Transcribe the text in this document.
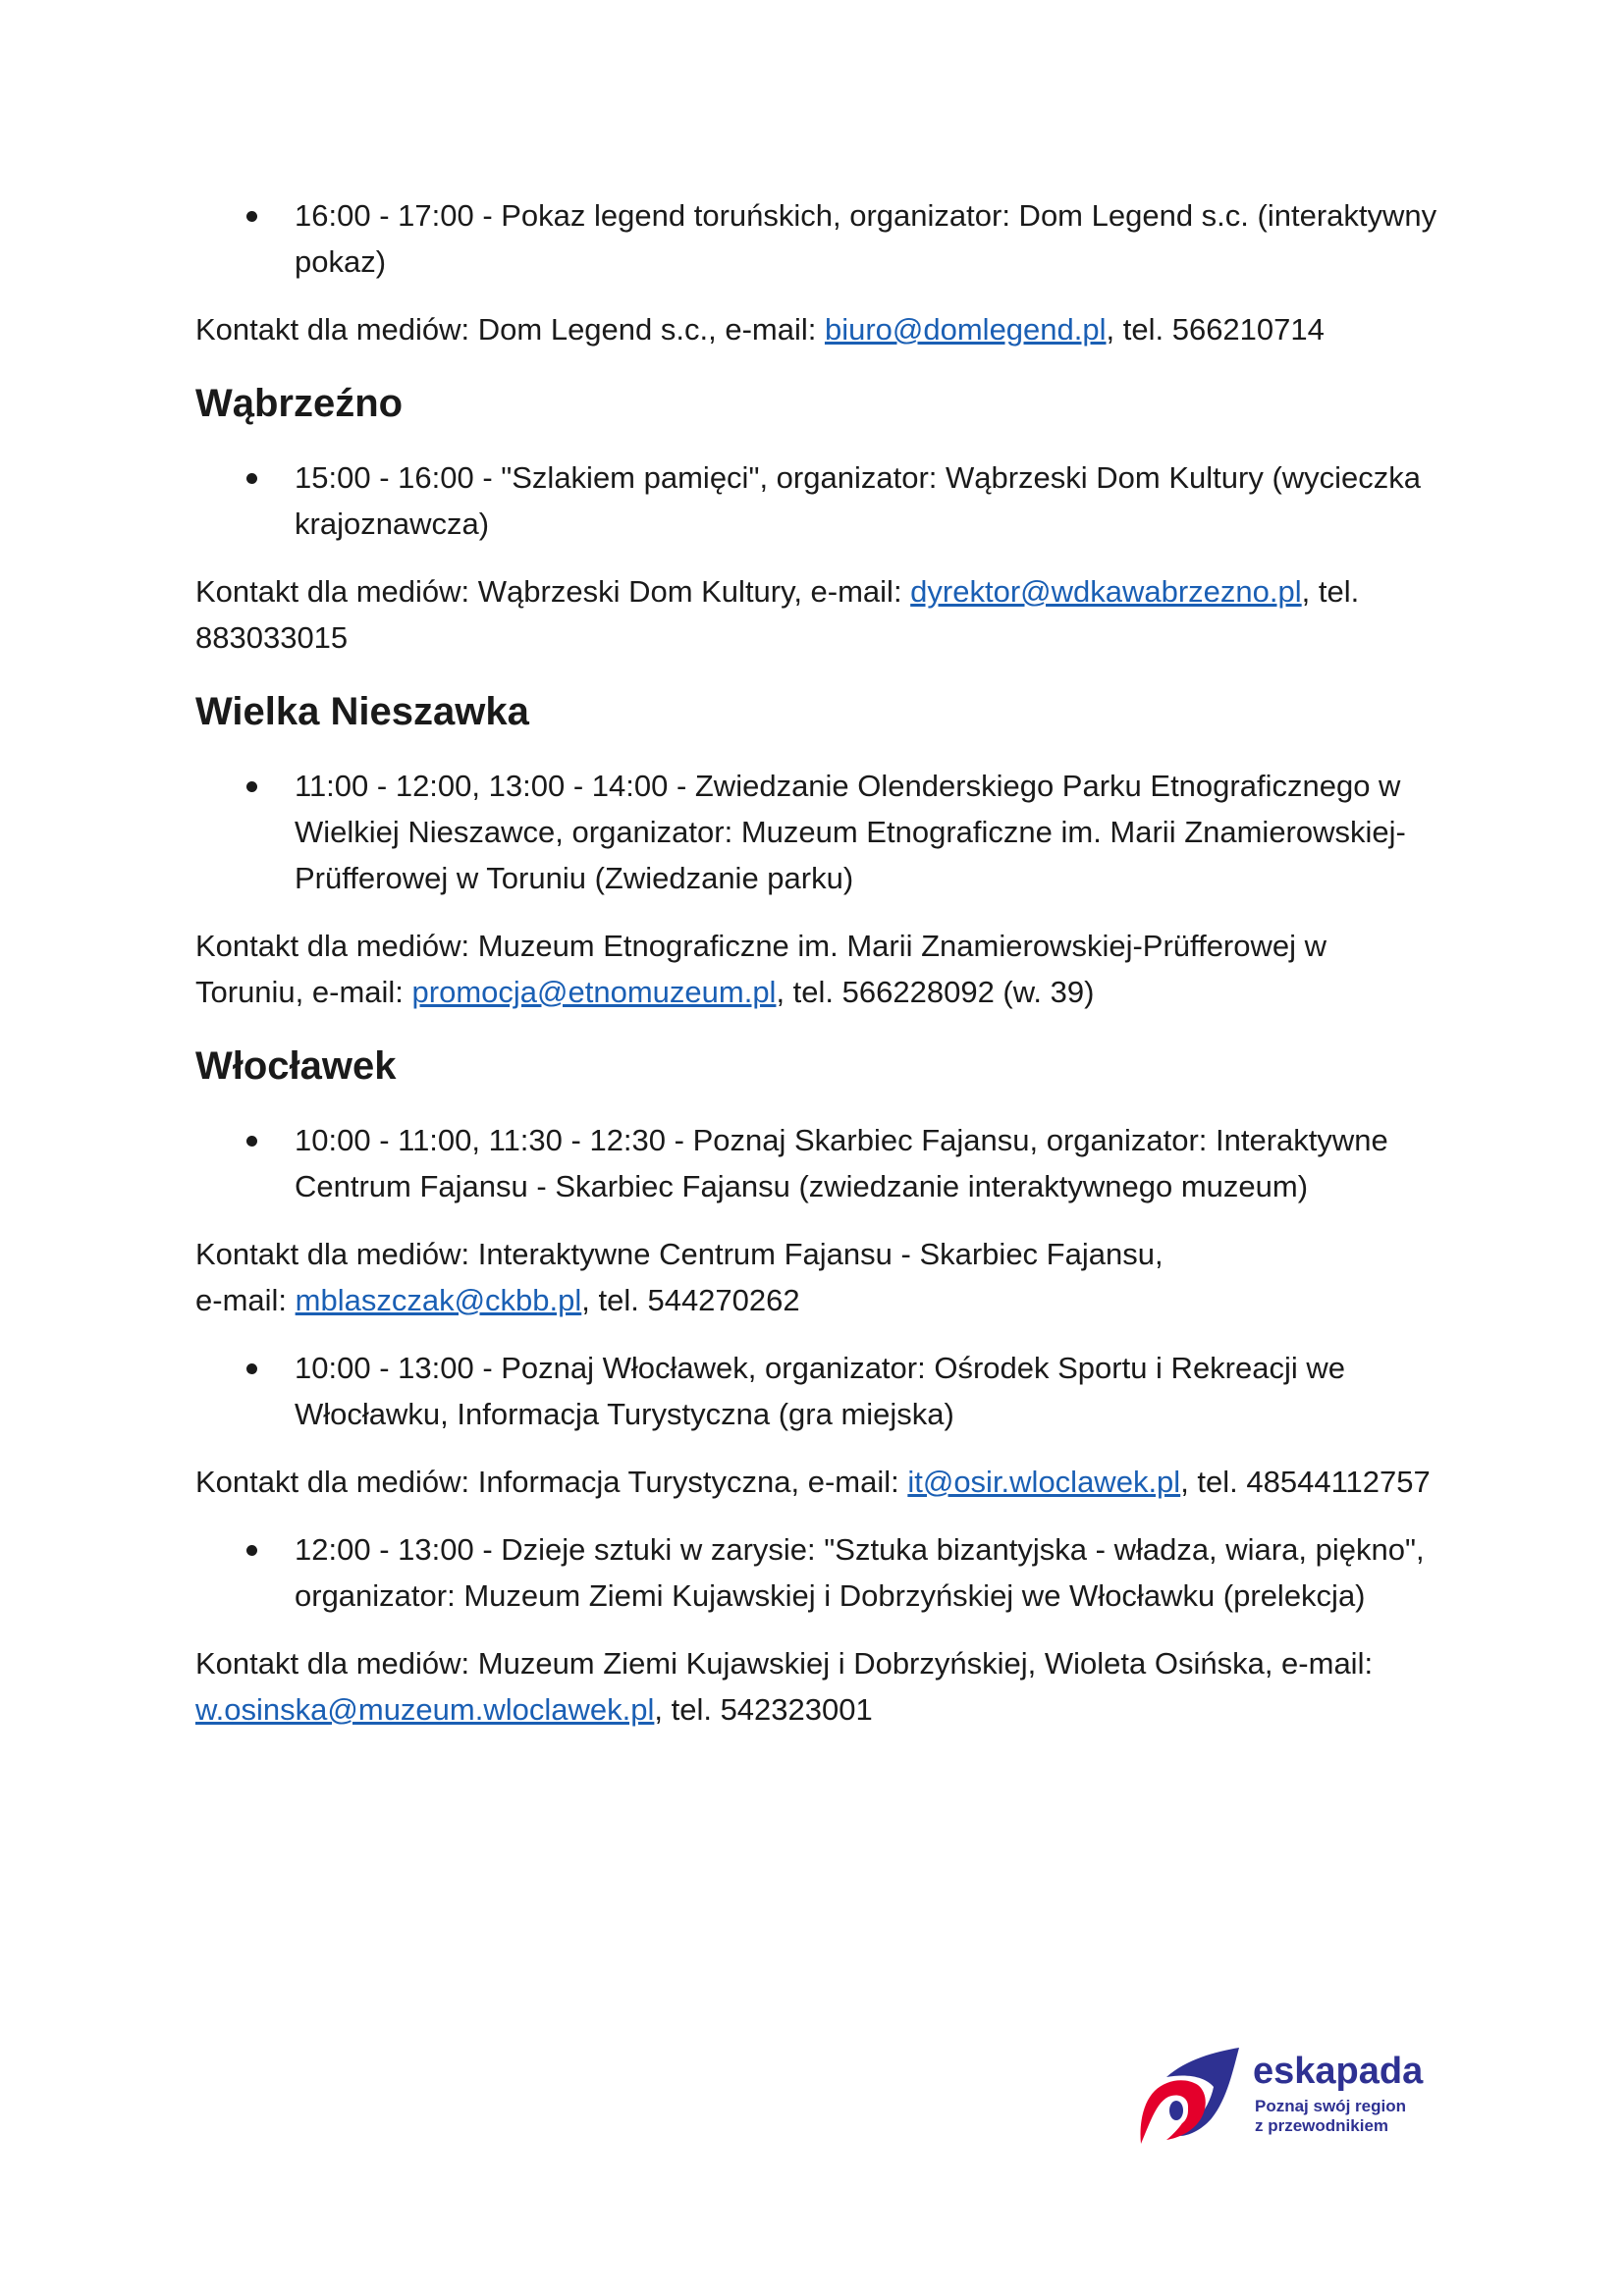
16:00 - 17:00 - Pokaz legend toruńskich, organizator: Dom Legend s.c. (interaktywny pokaz)

Kontakt dla mediów: Dom Legend s.c., e-mail: biuro@domlegend.pl, tel. 566210714

Wąbrzeźno
15:00 - 16:00 - "Szlakiem pamięci", organizator: Wąbrzeski Dom Kultury (wycieczka krajoznawcza)

Kontakt dla mediów: Wąbrzeski Dom Kultury, e-mail: dyrektor@wdkawabrzezno.pl, tel. 883033015

Wielka Nieszawka
11:00 - 12:00, 13:00 - 14:00 - Zwiedzanie Olenderskiego Parku Etnograficznego w Wielkiej Nieszawce, organizator: Muzeum Etnograficzne im. Marii Znamierowskiej-Prüfferowej w Toruniu (Zwiedzanie parku)

Kontakt dla mediów: Muzeum Etnograficzne im. Marii Znamierowskiej-Prüfferowej w Toruniu, e-mail: promocja@etnomuzeum.pl, tel. 566228092 (w. 39)

Włocławek
10:00 - 11:00, 11:30 - 12:30 - Poznaj Skarbiec Fajansu, organizator: Interaktywne Centrum Fajansu - Skarbiec Fajansu (zwiedzanie interaktywnego muzeum)

Kontakt dla mediów: Interaktywne Centrum Fajansu - Skarbiec Fajansu,
e-mail: mblaszczak@ckbb.pl, tel. 544270262

10:00 - 13:00 - Poznaj Włocławek, organizator: Ośrodek Sportu i Rekreacji we Włocławku, Informacja Turystyczna (gra miejska)

Kontakt dla mediów: Informacja Turystyczna, e-mail: it@osir.wloclawek.pl, tel. 48544112757

12:00 - 13:00 - Dzieje sztuki w zarysie: "Sztuka bizantyjska - władza, wiara, piękno", organizator: Muzeum Ziemi Kujawskiej i Dobrzyńskiej we Włocławku (prelekcja)

Kontakt dla mediów: Muzeum Ziemi Kujawskiej i Dobrzyńskiej, Wioleta Osińska, e-mail: w.osinska@muzeum.wloclawek.pl, tel. 542323001

eskapada
Poznaj swój region
z przewodnikiem
